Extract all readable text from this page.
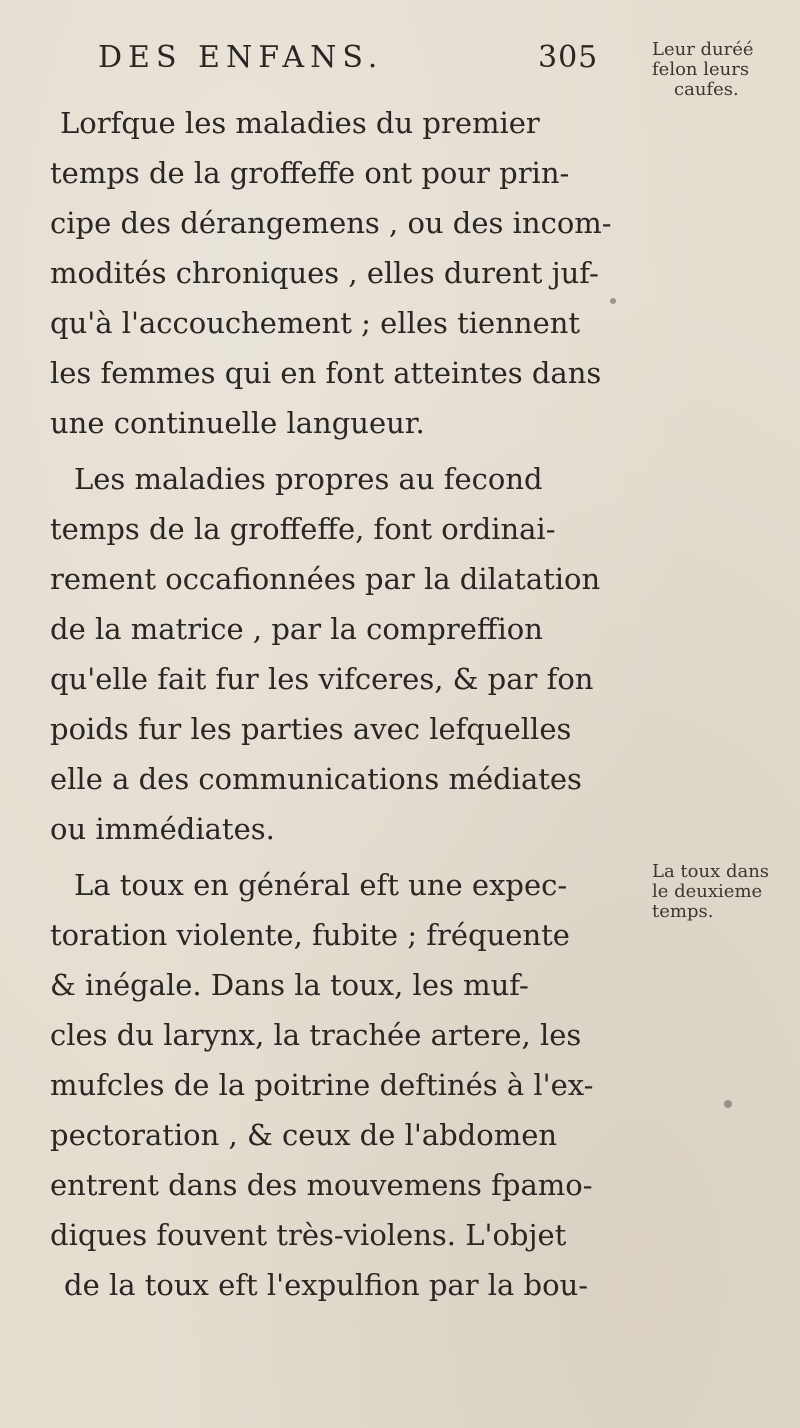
DES ENFANS.	305
Lorfque les maladies du premier
temps de la groffeffe ont pour prin-
cipe des dérangemens , ou des incom-
modités chroniques , elles durent juf-
qu'à l'accouchement ; elles tiennent
les femmes qui en font atteintes dans
une continuelle langueur.
Les maladies propres au fecond
temps de la groffeffe, font ordinai-
rement occafionnées par la dilatation
de la matrice , par la compreffion
qu'elle fait fur les vifceres, & par fon
poids fur les parties avec lefquelles
elle a des communications médiates
ou immédiates.
La toux en général eft une expec-
toration violente, fubite ; fréquente
& inégale. Dans la toux, les muf-
cles du larynx, la trachée artere, les
mufcles de la poitrine deftinés à l'ex-
pectoration , & ceux de l'abdomen
entrent dans des mouvemens fpamo-
diques fouvent très-violens. L'objet
de la toux eft l'expulfion par la bou-
Leur duréé
felon leurs
caufes.
La toux dans
le deuxieme
temps.
